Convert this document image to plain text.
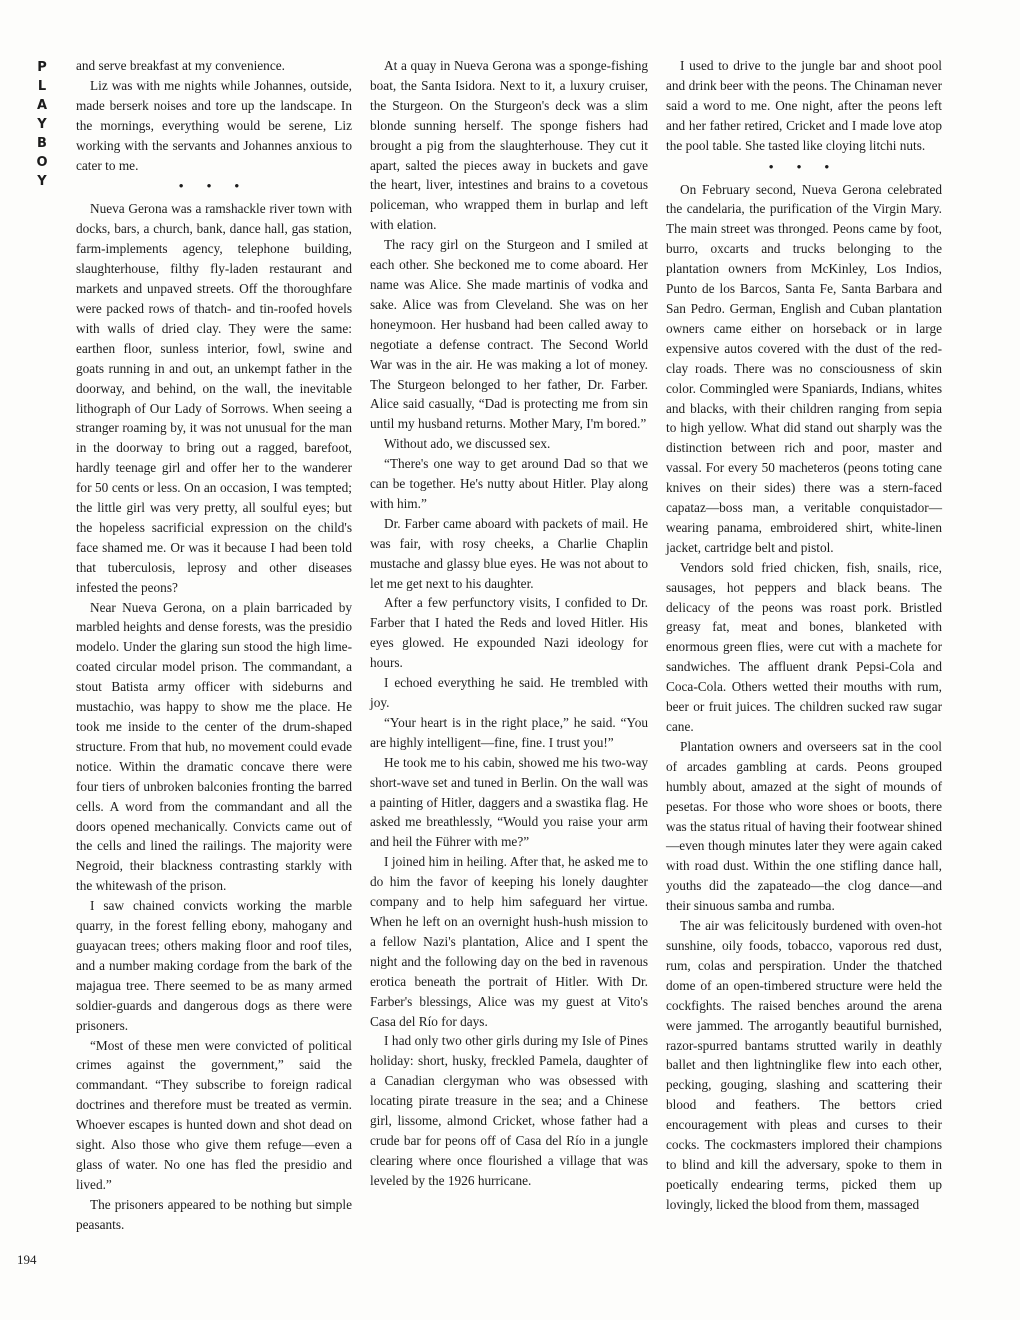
P
L
A
Y
B
O
Y

and serve breakfast at my convenience.

Liz was with me nights while Johannes, outside, made berserk noises and tore up the landscape. In the mornings, everything would be serene, Liz working with the servants and Johannes anxious to cater to me.

• • •

Nueva Gerona was a ramshackle river town with docks, bars, a church, bank, dance hall, gas station, farm-implements agency, telephone building, slaughterhouse, filthy fly-laden restaurant and markets and unpaved streets. Off the thoroughfare were packed rows of thatch- and tin-roofed hovels with walls of dried clay. They were the same: earthen floor, sunless interior, fowl, swine and goats running in and out, an unkempt father in the doorway, and behind, on the wall, the inevitable lithograph of Our Lady of Sorrows. When seeing a stranger roaming by, it was not unusual for the man in the doorway to bring out a ragged, barefoot, hardly teenage girl and offer her to the wanderer for 50 cents or less. On an occasion, I was tempted; the little girl was very pretty, all soulful eyes; but the hopeless sacrificial expression on the child's face shamed me. Or was it because I had been told that tuberculosis, leprosy and other diseases infested the peons?

Near Nueva Gerona, on a plain barricaded by marbled heights and dense forests, was the presidio modelo. Under the glaring sun stood the high lime-coated circular model prison. The commandant, a stout Batista army officer with sideburns and mustachio, was happy to show me the place. He took me inside to the center of the drum-shaped structure. From that hub, no movement could evade notice. Within the dramatic concave there were four tiers of unbroken balconies fronting the barred cells. A word from the commandant and all the doors opened mechanically. Convicts came out of the cells and lined the railings. The majority were Negroid, their blackness contrasting starkly with the whitewash of the prison.

I saw chained convicts working the marble quarry, in the forest felling ebony, mahogany and guayacan trees; others making floor and roof tiles, and a number making cordage from the bark of the majagua tree. There seemed to be as many armed soldier-guards and dangerous dogs as there were prisoners.

“Most of these men were convicted of political crimes against the government,” said the commandant. “They subscribe to foreign radical doctrines and therefore must be treated as vermin. Whoever escapes is hunted down and shot dead on sight. Also those who give them refuge—even a glass of water. No one has fled the presidio and lived.”

The prisoners appeared to be nothing but simple peasants.

At a quay in Nueva Gerona was a sponge-fishing boat, the Santa Isidora. Next to it, a luxury cruiser, the Sturgeon. On the Sturgeon's deck was a slim blonde sunning herself. The sponge fishers had brought a pig from the slaughterhouse. They cut it apart, salted the pieces away in buckets and gave the heart, liver, intestines and brains to a covetous policeman, who wrapped them in burlap and left with elation.

The racy girl on the Sturgeon and I smiled at each other. She beckoned me to come aboard. Her name was Alice. She made martinis of vodka and sake. Alice was from Cleveland. She was on her honeymoon. Her husband had been called away to negotiate a defense contract. The Second World War was in the air. He was making a lot of money. The Sturgeon belonged to her father, Dr. Farber. Alice said casually, “Dad is protecting me from sin until my husband returns. Mother Mary, I'm bored.”

Without ado, we discussed sex.

“There's one way to get around Dad so that we can be together. He's nutty about Hitler. Play along with him.”

Dr. Farber came aboard with packets of mail. He was fair, with rosy cheeks, a Charlie Chaplin mustache and glassy blue eyes. He was not about to let me get next to his daughter.

After a few perfunctory visits, I confided to Dr. Farber that I hated the Reds and loved Hitler. His eyes glowed. He expounded Nazi ideology for hours.

I echoed everything he said. He trembled with joy.

“Your heart is in the right place,” he said. “You are highly intelligent—fine, fine. I trust you!”

He took me to his cabin, showed me his two-way short-wave set and tuned in Berlin. On the wall was a painting of Hitler, daggers and a swastika flag. He asked me breathlessly, “Would you raise your arm and heil the Führer with me?”

I joined him in heiling. After that, he asked me to do him the favor of keeping his lonely daughter company and to help him safeguard her virtue. When he left on an overnight hush-hush mission to a fellow Nazi's plantation, Alice and I spent the night and the following day on the bed in ravenous erotica beneath the portrait of Hitler. With Dr. Farber's blessings, Alice was my guest at Vito's Casa del Río for days.

I had only two other girls during my Isle of Pines holiday: short, husky, freckled Pamela, daughter of a Canadian clergyman who was obsessed with locating pirate treasure in the sea; and a Chinese girl, lissome, almond Cricket, whose father had a crude bar for peons off of Casa del Río in a jungle clearing where once flourished a village that was leveled by the 1926 hurricane.

I used to drive to the jungle bar and shoot pool and drink beer with the peons. The Chinaman never said a word to me. One night, after the peons left and her father retired, Cricket and I made love atop the pool table. She tasted like cloying litchi nuts.

• • •

On February second, Nueva Gerona celebrated the candelaria, the purification of the Virgin Mary. The main street was thronged. Peons came by foot, burro, oxcarts and trucks belonging to the plantation owners from McKinley, Los Indios, Punto de los Barcos, Santa Fe, Santa Barbara and San Pedro. German, English and Cuban plantation owners came either on horseback or in large expensive autos covered with the dust of the red-clay roads. There was no consciousness of skin color. Commingled were Spaniards, Indians, whites and blacks, with their children ranging from sepia to high yellow. What did stand out sharply was the distinction between rich and poor, master and vassal. For every 50 macheteros (peons toting cane knives on their sides) there was a stern-faced capataz—boss man, a veritable conquistador—wearing panama, embroidered shirt, white-linen jacket, cartridge belt and pistol.

Vendors sold fried chicken, fish, snails, rice, sausages, hot peppers and black beans. The delicacy of the peons was roast pork. Bristled greasy fat, meat and bones, blanketed with enormous green flies, were cut with a machete for sandwiches. The affluent drank Pepsi-Cola and Coca-Cola. Others wetted their mouths with rum, beer or fruit juices. The children sucked raw sugar cane.

Plantation owners and overseers sat in the cool of arcades gambling at cards. Peons grouped humbly about, amazed at the sight of mounds of pesetas. For those who wore shoes or boots, there was the status ritual of having their footwear shined—even though minutes later they were again caked with road dust. Within the one stifling dance hall, youths did the zapateado—the clog dance—and their sinuous samba and rumba.

The air was felicitously burdened with oven-hot sunshine, oily foods, tobacco, vaporous red dust, rum, colas and perspiration. Under the thatched dome of an open-timbered structure were held the cockfights. The raised benches around the arena were jammed. The arrogantly beautiful burnished, razor-spurred bantams strutted warily in deathly ballet and then lightninglike flew into each other, pecking, gouging, slashing and scattering their blood and feathers. The bettors cried encouragement with pleas and curses to their cocks. The cockmasters implored their champions to blind and kill the adversary, spoke to them in poetically endearing terms, picked them up lovingly, licked the blood from them, massaged

194
